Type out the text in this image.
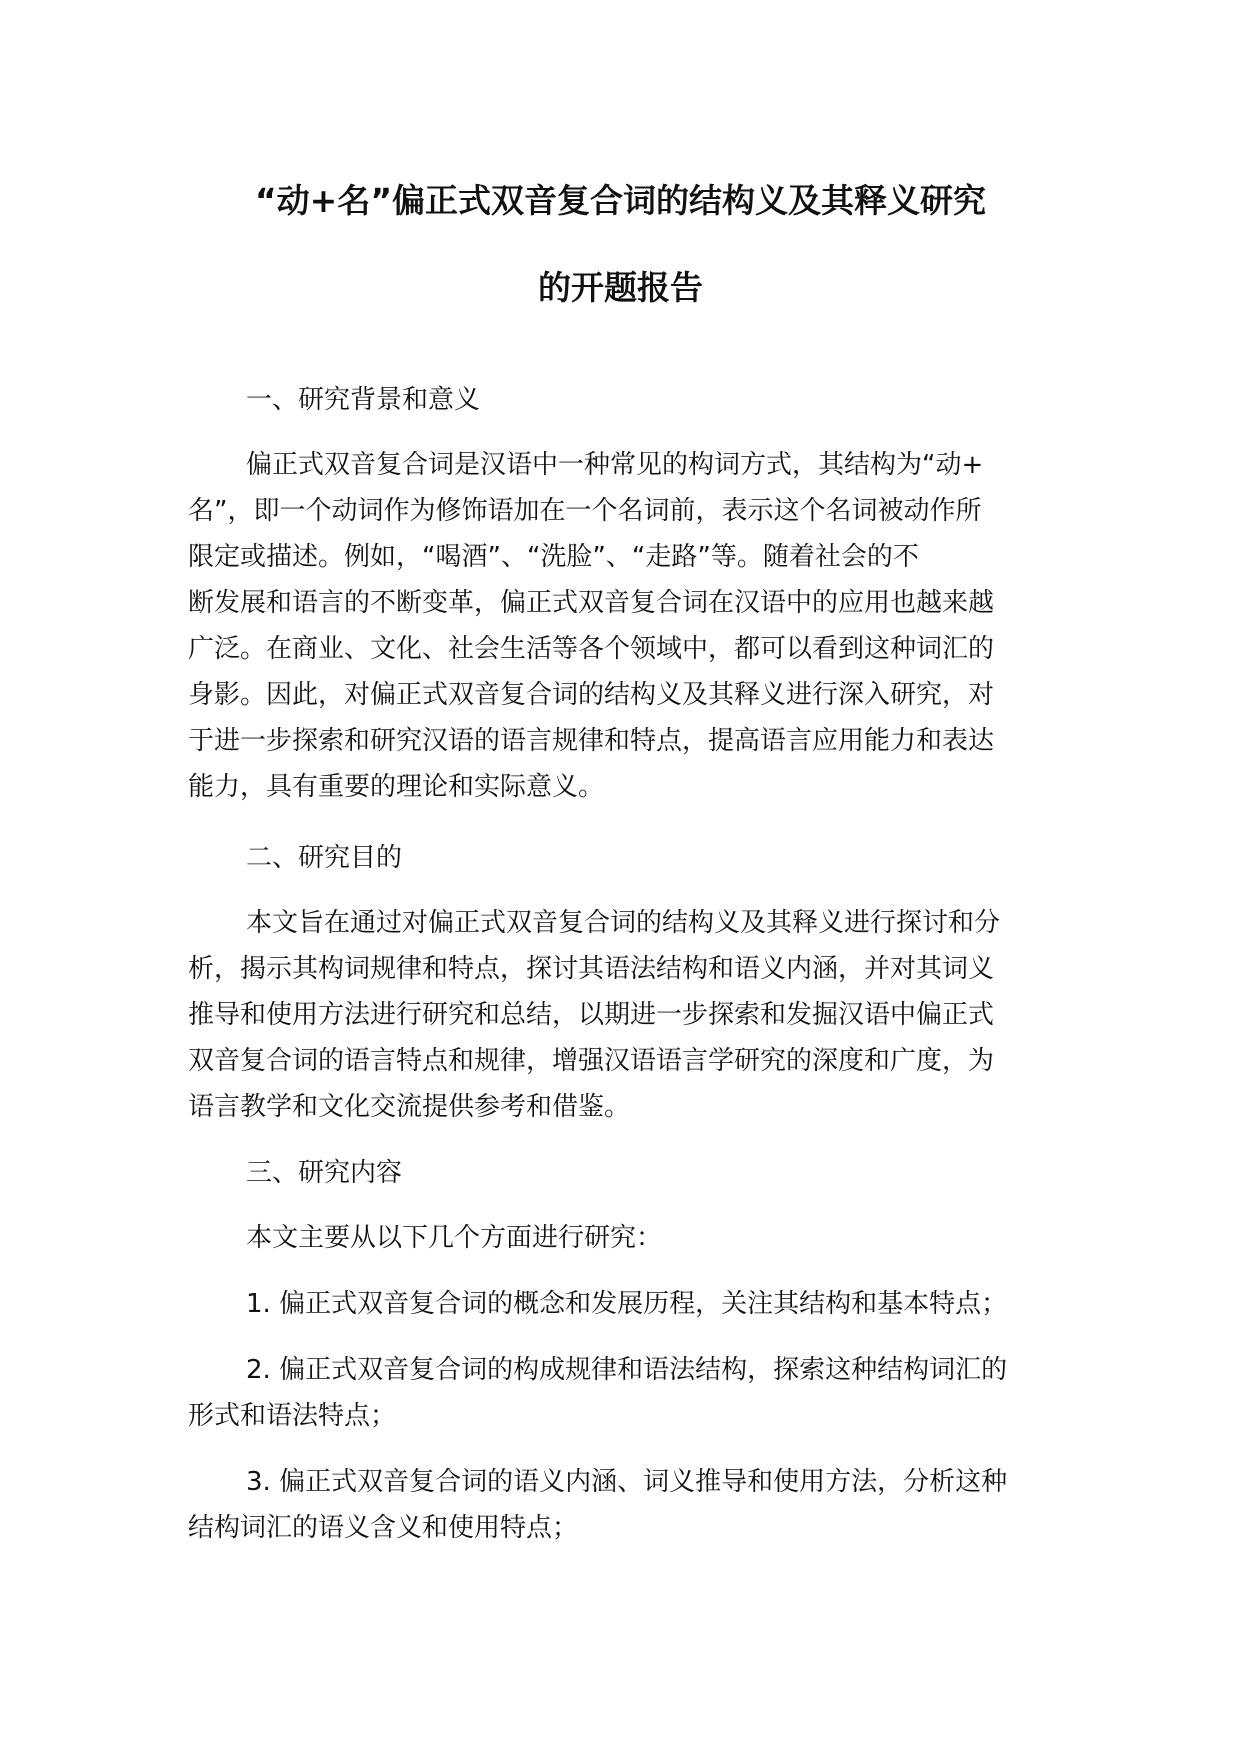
“动+名”偏正式双音复合词的结构义及其释义研究
的开题报告
一、研究背景和意义
偏正式双音复合词是汉语中一种常见的构词方式，其结构为“动+
名”，即一个动词作为修饰语加在一个名词前，表示这个名词被动作所
限定或描述。例如，“喝酒”、“洗脸”、“走路”等。随着社会的不
断发展和语言的不断变革，偏正式双音复合词在汉语中的应用也越来越
广泛。在商业、文化、社会生活等各个领域中，都可以看到这种词汇的
身影。因此，对偏正式双音复合词的结构义及其释义进行深入研究，对
于进一步探索和研究汉语的语言规律和特点，提高语言应用能力和表达
能力，具有重要的理论和实际意义。
二、研究目的
本文旨在通过对偏正式双音复合词的结构义及其释义进行探讨和分
析，揭示其构词规律和特点，探讨其语法结构和语义内涵，并对其词义
推导和使用方法进行研究和总结，以期进一步探索和发掘汉语中偏正式
双音复合词的语言特点和规律，增强汉语语言学研究的深度和广度，为
语言教学和文化交流提供参考和借鉴。
三、研究内容
本文主要从以下几个方面进行研究：
1. 偏正式双音复合词的概念和发展历程，关注其结构和基本特点；
2. 偏正式双音复合词的构成规律和语法结构，探索这种结构词汇的
形式和语法特点；
3. 偏正式双音复合词的语义内涵、词义推导和使用方法，分析这种
结构词汇的语义含义和使用特点；
